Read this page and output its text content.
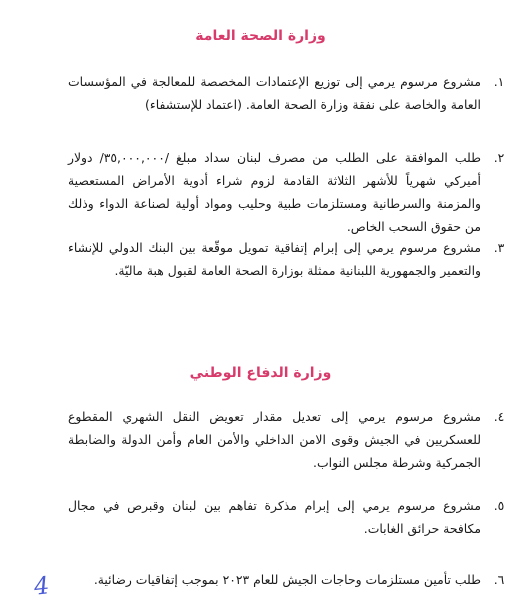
وزارة الصحة العامة
.١
مشروع مرسوم يرمي إلى توزيع الإعتمادات المخصصة للمعالجة في المؤسسات العامة والخاصة على نفقة وزارة الصحة العامة. (اعتماد للإستشفاء)
.٢
طلب الموافقة على الطلب من مصرف لبنان سداد مبلغ /٣٥,٠٠٠,٠٠٠/ دولار أميركي شهرياً للأشهر الثلاثة القادمة لزوم شراء أدوية الأمراض المستعصية والمزمنة والسرطانية ومستلزمات طبية وحليب ومواد أولية لصناعة الدواء وذلك من حقوق السحب الخاص.
.٣
مشروع مرسوم يرمي إلى إبرام إتفاقية تمويل موقّعة بين البنك الدولي للإنشاء والتعمير والجمهورية اللبنانية ممثلة بوزارة الصحة العامة لقبول هبة ماليّة.
وزارة الدفاع الوطني
.٤
مشروع مرسوم يرمي إلى تعديل مقدار تعويض النقل الشهري المقطوع للعسكريين في الجيش وقوى الامن الداخلي والأمن العام وأمن الدولة والضابطة الجمركية وشرطة مجلس النواب.
.٥
مشروع مرسوم يرمي إلى إبرام مذكرة تفاهم بين لبنان وقبرص في مجال مكافحة حرائق الغابات.
.٦
طلب تأمين مستلزمات وحاجات الجيش للعام ٢٠٢٣ بموجب إتفاقيات رضائية.
4
